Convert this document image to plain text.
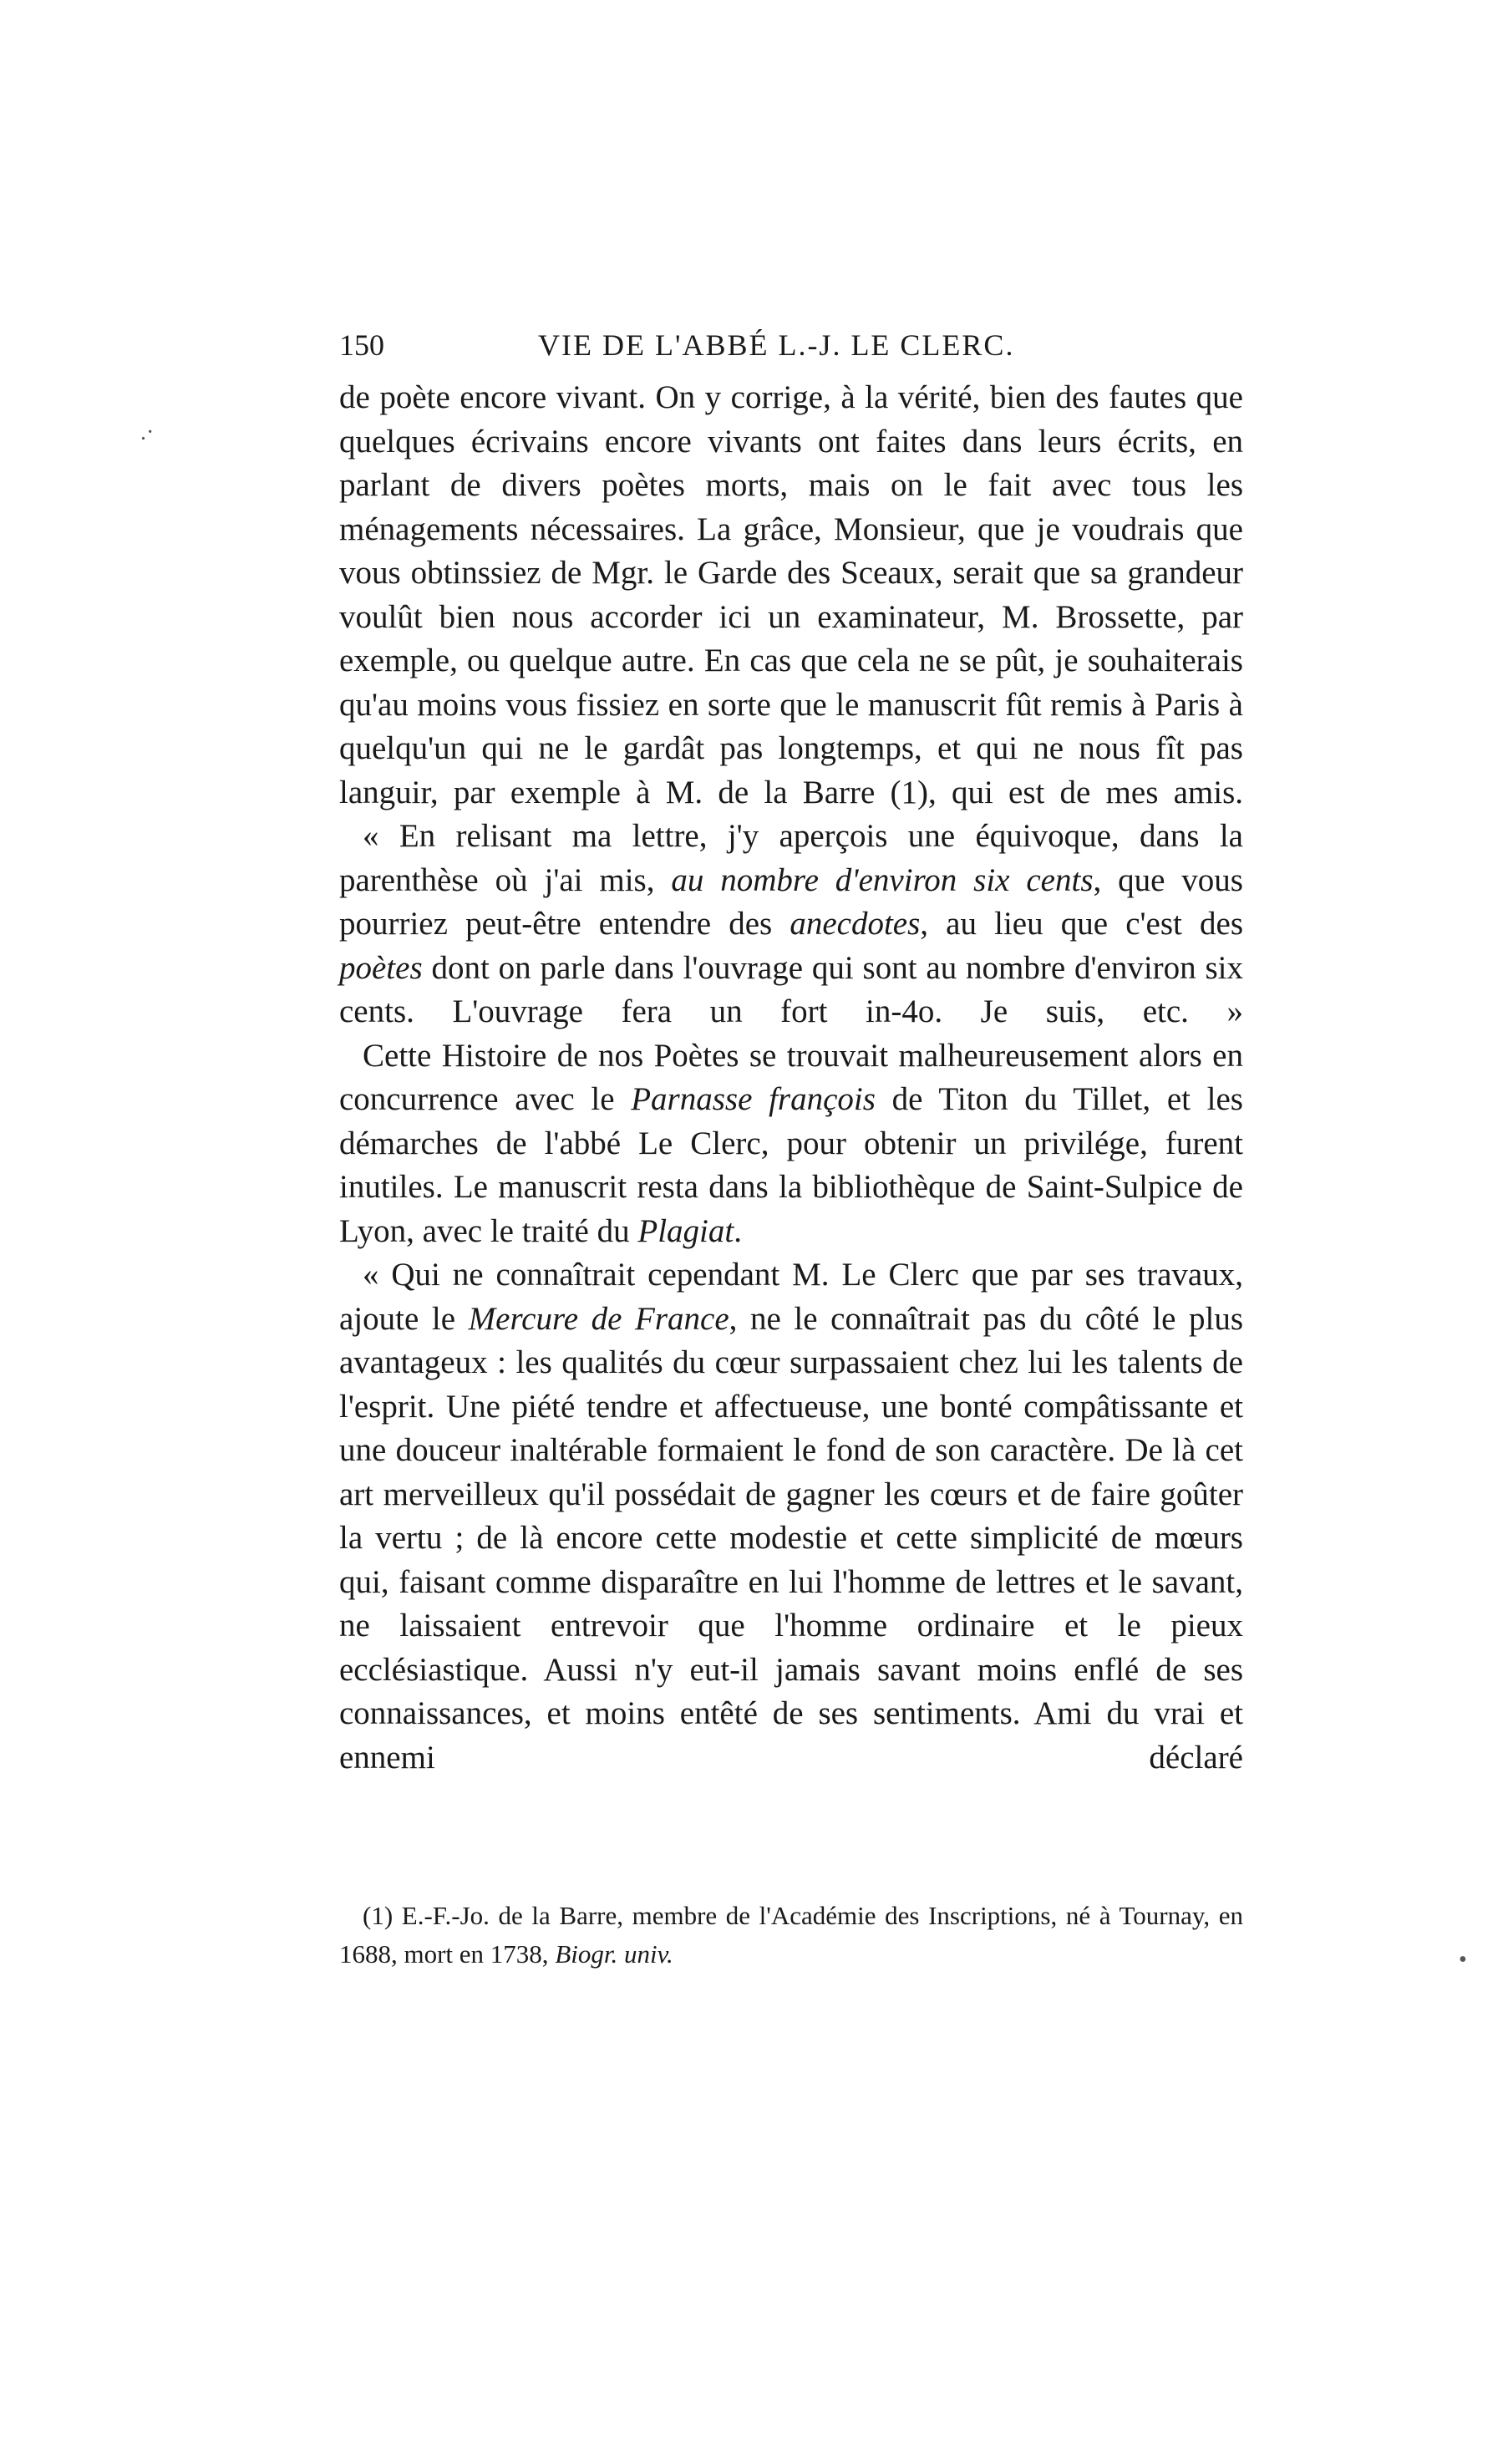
150	VIE DE L'ABBÉ L.-J. LE CLERC.

de poète encore vivant. On y corrige, à la vérité, bien des fautes que quelques écrivains encore vivants ont faites dans leurs écrits, en parlant de divers poètes morts, mais on le fait avec tous les ménagements nécessaires. La grâce, Monsieur, que je voudrais que vous obtinssiez de Mgr. le Garde des Sceaux, serait que sa grandeur voulût bien nous accorder ici un examinateur, M. Brossette, par exemple, ou quelque autre. En cas que cela ne se pût, je souhaiterais qu'au moins vous fissiez en sorte que le manuscrit fût remis à Paris à quelqu'un qui ne le gardât pas longtemps, et qui ne nous fît pas languir, par exemple à M. de la Barre (1), qui est de mes amis.

« En relisant ma lettre, j'y aperçois une équivoque, dans la parenthèse où j'ai mis, au nombre d'environ six cents, que vous pourriez peut-être entendre des anecdotes, au lieu que c'est des poètes dont on parle dans l'ouvrage qui sont au nombre d'environ six cents. L'ouvrage fera un fort in-4o. Je suis, etc. »

Cette Histoire de nos Poètes se trouvait malheureusement alors en concurrence avec le Parnasse françois de Titon du Tillet, et les démarches de l'abbé Le Clerc, pour obtenir un privilége, furent inutiles. Le manuscrit resta dans la bibliothèque de Saint-Sulpice de Lyon, avec le traité du Plagiat.

« Qui ne connaîtrait cependant M. Le Clerc que par ses travaux, ajoute le Mercure de France, ne le connaîtrait pas du côté le plus avantageux : les qualités du cœur surpassaient chez lui les talents de l'esprit. Une piété tendre et affectueuse, une bonté compâtissante et une douceur inaltérable formaient le fond de son caractère. De là cet art merveilleux qu'il possédait de gagner les cœurs et de faire goûter la vertu ; de là encore cette modestie et cette simplicité de mœurs qui, faisant comme disparaître en lui l'homme de lettres et le savant, ne laissaient entrevoir que l'homme ordinaire et le pieux ecclésiastique. Aussi n'y eut-il jamais savant moins enflé de ses connaissances, et moins entêté de ses sentiments. Ami du vrai et ennemi déclaré

(1) E.-F.-Jo. de la Barre, membre de l'Académie des Inscriptions, né à Tournay, en 1688, mort en 1738, Biogr. univ.

.·
•
